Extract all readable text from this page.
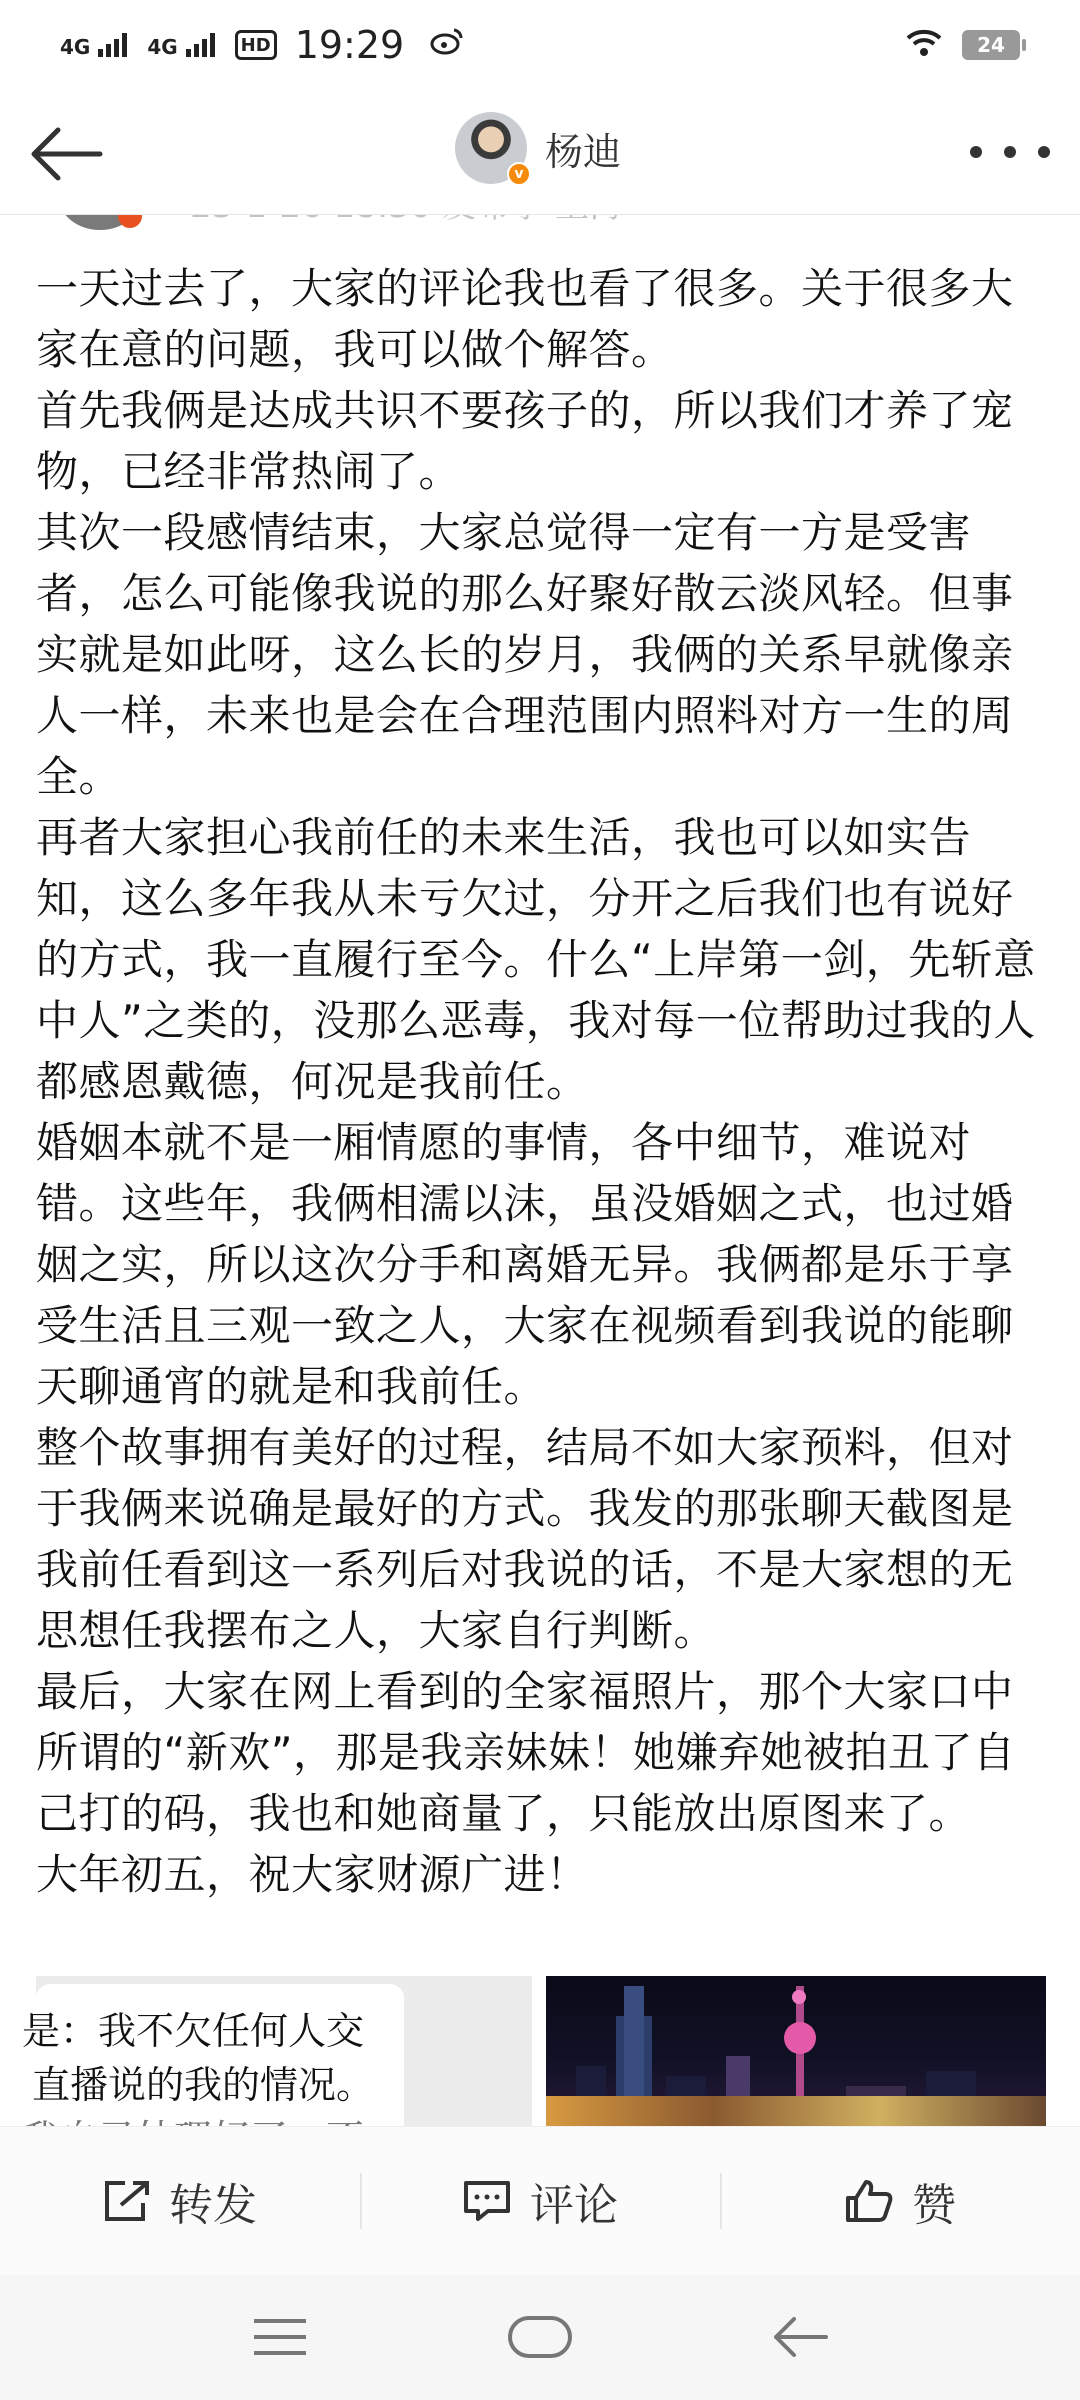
4G	4G	HD 19:29	24
v
杨迪

一天过去了，大家的评论我也看了很多。关于很多大家在意的问题，我可以做个解答。

首先我俩是达成共识不要孩子的，所以我们才养了宠物，已经非常热闹了。

其次一段感情结束，大家总觉得一定有一方是受害者，怎么可能像我说的那么好聚好散云淡风轻。但事实就是如此呀，这么长的岁月，我俩的关系早就像亲人一样，未来也是会在合理范围内照料对方一生的周全。

再者大家担心我前任的未来生活，我也可以如实告知，这么多年我从未亏欠过，分开之后我们也有说好的方式，我一直履行至今。什么“上岸第一剑，先斩意中人”之类的，没那么恶毒，我对每一位帮助过我的人都感恩戴德，何况是我前任。

婚姻本就不是一厢情愿的事情，各中细节，难说对错。这些年，我俩相濡以沫，虽没婚姻之式，也过婚姻之实，所以这次分手和离婚无异。我俩都是乐于享受生活且三观一致之人，大家在视频看到我说的能聊天聊通宵的就是和我前任。

整个故事拥有美好的过程，结局不如大家预料，但对于我俩来说确是最好的方式。我发的那张聊天截图是我前任看到这一系列后对我说的话，不是大家想的无思想任我摆布之人，大家自行判断。

最后，大家在网上看到的全家福照片，那个大家口中所谓的“新欢”，那是我亲妹妹！她嫌弃她被拍丑了自己打的码，我也和她商量了，只能放出原图来了。

大年初五，祝大家财源广进！

是：我不欠任何人交
直播说的我的情况。
转发	评论	赞
